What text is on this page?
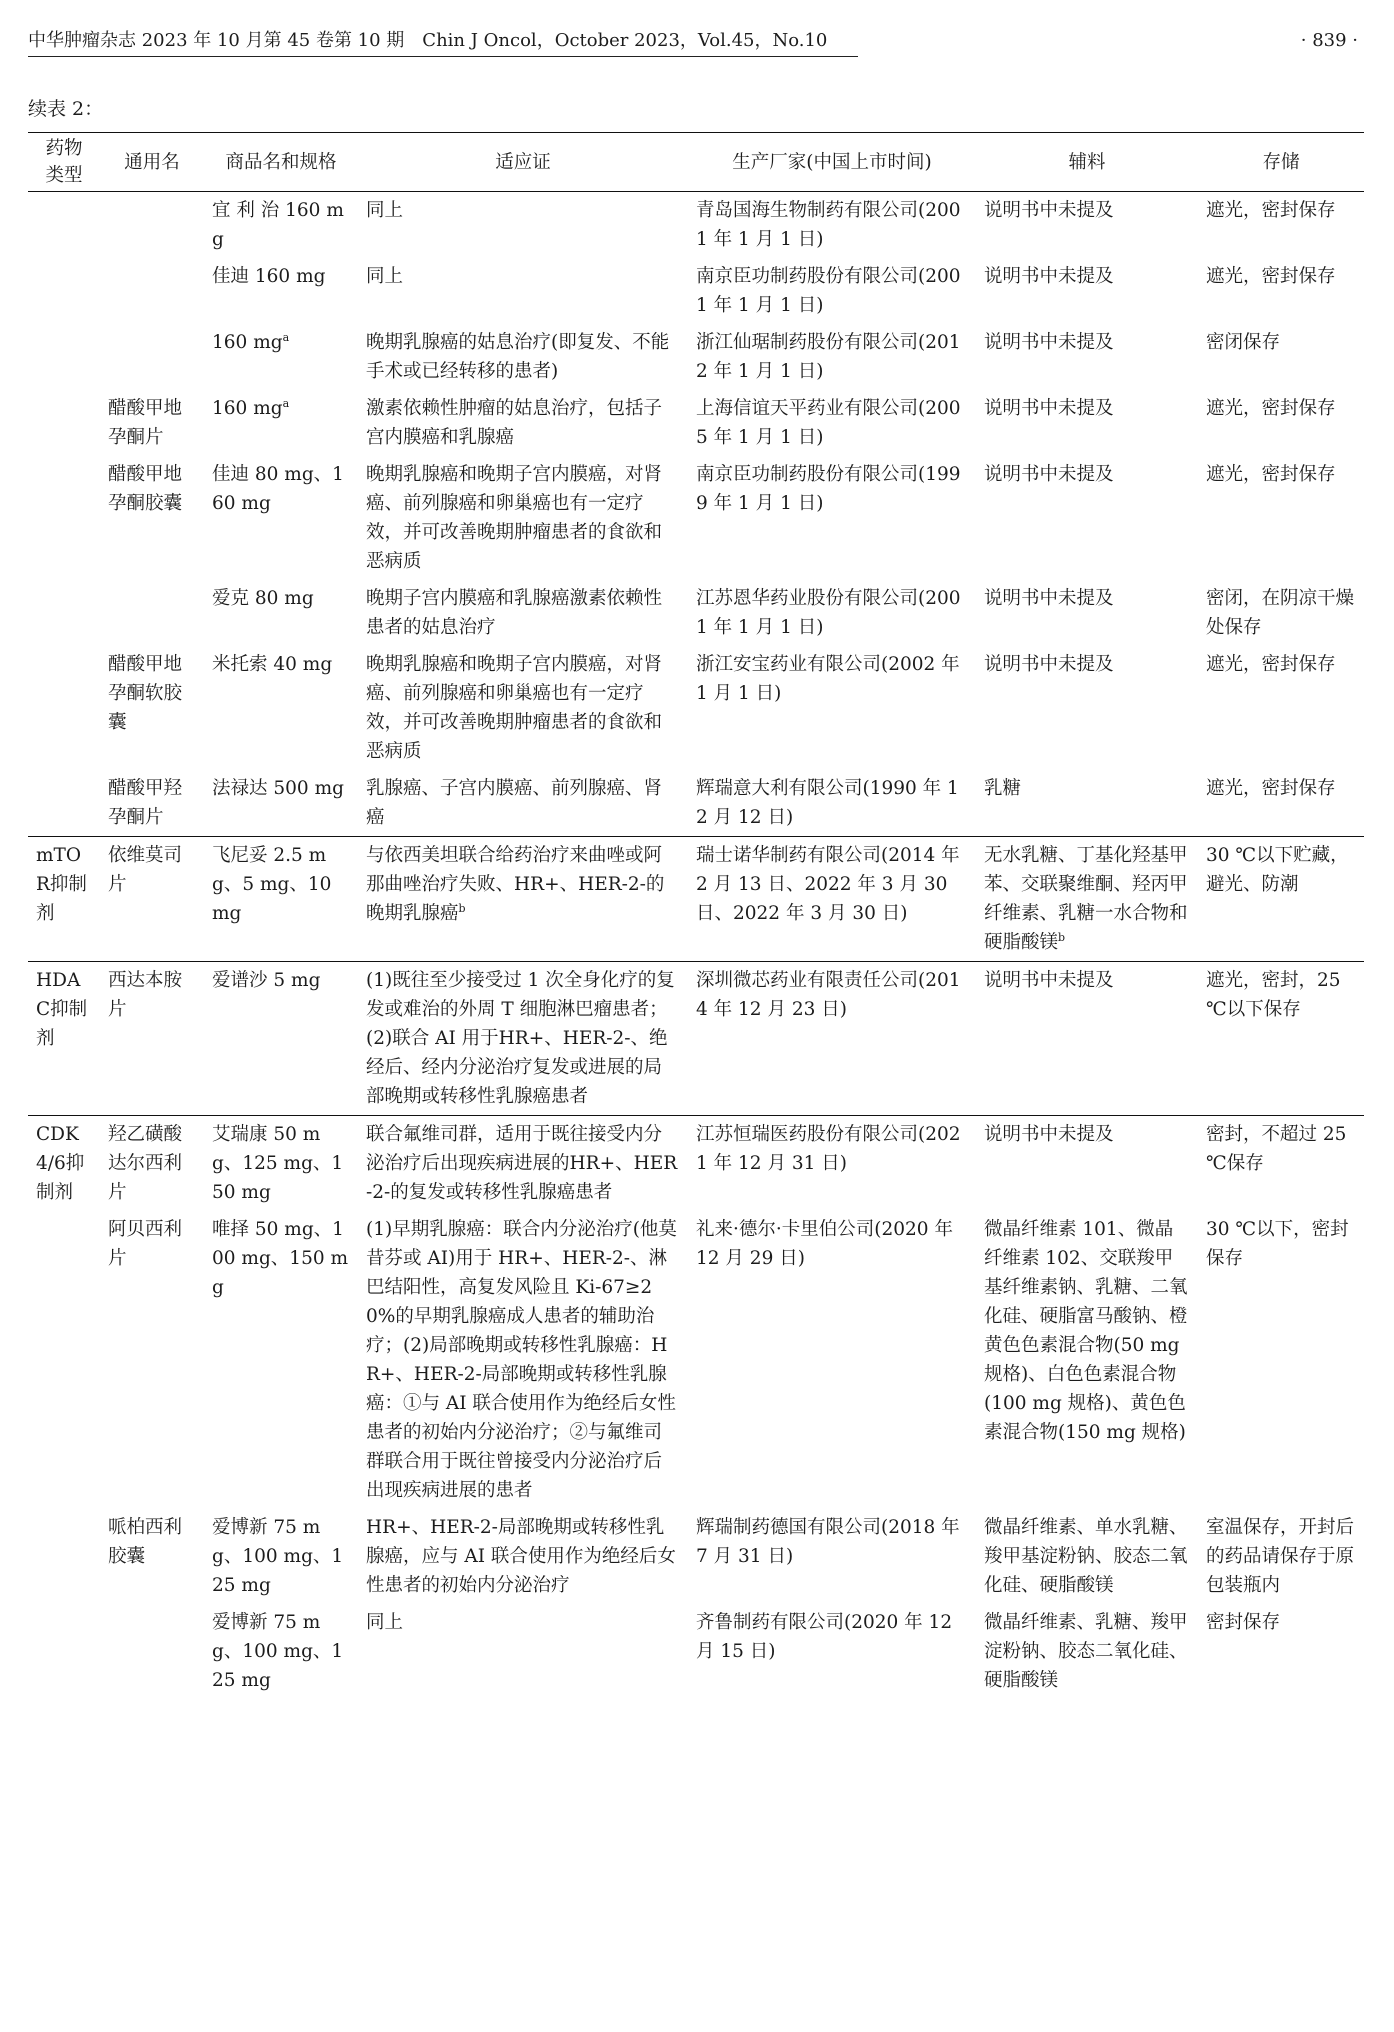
中华肿瘤杂志 2023 年 10 月第 45 卷第 10 期　Chin J Oncol，October 2023，Vol.45，No.10	· 839 ·
续表 2：
药物
类型	通用名	商品名和规格	适应证	生产厂家(中国上市时间)	辅料	存储
		宜 利 治 160 mg	同上	青岛国海生物制药有限公司(2001 年 1 月 1 日)	说明书中未提及	遮光，密封保存
		佳迪 160 mg	同上	南京臣功制药股份有限公司(2001 年 1 月 1 日)	说明书中未提及	遮光，密封保存
		160 $mg^a$	晚期乳腺癌的姑息治疗(即复发、不能手术或已经转移的患者)	浙江仙琚制药股份有限公司(2012 年 1 月 1 日)	说明书中未提及	密闭保存
	醋酸甲地孕酮片	160 $mg^a$	激素依赖性肿瘤的姑息治疗，包括子宫内膜癌和乳腺癌	上海信谊天平药业有限公司(2005 年 1 月 1 日)	说明书中未提及	遮光，密封保存
	醋酸甲地孕酮胶囊	佳迪 80 mg、160 mg	晚期乳腺癌和晚期子宫内膜癌，对肾癌、前列腺癌和卵巢癌也有一定疗效，并可改善晚期肿瘤患者的食欲和恶病质	南京臣功制药股份有限公司(1999 年 1 月 1 日)	说明书中未提及	遮光，密封保存
		爱克 80 mg	晚期子宫内膜癌和乳腺癌激素依赖性患者的姑息治疗	江苏恩华药业股份有限公司(2001 年 1 月 1 日)	说明书中未提及	密闭，在阴凉干燥处保存
	醋酸甲地孕酮软胶囊	米托索 40 mg	晚期乳腺癌和晚期子宫内膜癌，对肾癌、前列腺癌和卵巢癌也有一定疗效，并可改善晚期肿瘤患者的食欲和恶病质	浙江安宝药业有限公司(2002 年 1 月 1 日)	说明书中未提及	遮光，密封保存
	醋酸甲羟孕酮片	法禄达 500 mg	乳腺癌、子宫内膜癌、前列腺癌、肾癌	辉瑞意大利有限公司(1990 年 12 月 12 日)	乳糖	遮光，密封保存
mTOR抑制剂	依维莫司片	飞尼妥 2.5 mg、5 mg、10 mg	与依西美坦联合给药治疗来曲唑或阿那曲唑治疗失败、HR+、HER-2-的晚期乳腺癌$^b$	瑞士诺华制药有限公司(2014 年 2 月 13 日、2022 年 3 月 30 日、2022 年 3 月 30 日)	无水乳糖、丁基化羟基甲苯、交联聚维酮、羟丙甲纤维素、乳糖一水合物和硬脂酸镁$^b$	30 ℃以下贮藏，避光、防潮
HDAC抑制剂	西达本胺片	爱谱沙 5 mg	(1)既往至少接受过 1 次全身化疗的复发或难治的外周 T 细胞淋巴瘤患者；(2)联合 AI 用于HR+、HER-2-、绝经后、经内分泌治疗复发或进展的局部晚期或转移性乳腺癌患者	深圳微芯药业有限责任公司(2014 年 12 月 23 日)	说明书中未提及	遮光，密封，25 ℃以下保存
CDK4/6抑制剂	羟乙磺酸达尔西利片	艾瑞康 50 mg、125 mg、150 mg	联合氟维司群，适用于既往接受内分泌治疗后出现疾病进展的HR+、HER-2-的复发或转移性乳腺癌患者	江苏恒瑞医药股份有限公司(2021 年 12 月 31 日)	说明书中未提及	密封，不超过 25 ℃保存
	阿贝西利片	唯择 50 mg、100 mg、150 mg	(1)早期乳腺癌：联合内分泌治疗(他莫昔芬或 AI)用于 HR+、HER-2-、淋巴结阳性，高复发风险且 Ki-67≥20%的早期乳腺癌成人患者的辅助治疗；(2)局部晚期或转移性乳腺癌：HR+、HER-2-局部晚期或转移性乳腺癌：①与 AI 联合使用作为绝经后女性患者的初始内分泌治疗；②与氟维司群联合用于既往曾接受内分泌治疗后出现疾病进展的患者	礼来·德尔·卡里伯公司(2020 年 12 月 29 日)	微晶纤维素 101、微晶纤维素 102、交联羧甲基纤维素钠、乳糖、二氧化硅、硬脂富马酸钠、橙黄色色素混合物(50 mg 规格)、白色色素混合物(100 mg 规格)、黄色色素混合物(150 mg 规格)	30 ℃以下，密封保存
	哌柏西利胶囊	爱博新 75 mg、100 mg、125 mg	HR+、HER-2-局部晚期或转移性乳腺癌，应与 AI 联合使用作为绝经后女性患者的初始内分泌治疗	辉瑞制药德国有限公司(2018 年 7 月 31 日)	微晶纤维素、单水乳糖、羧甲基淀粉钠、胶态二氧化硅、硬脂酸镁	室温保存，开封后的药品请保存于原包装瓶内
		爱博新 75 mg、100 mg、125 mg	同上	齐鲁制药有限公司(2020 年 12 月 15 日)	微晶纤维素、乳糖、羧甲淀粉钠、胶态二氧化硅、硬脂酸镁	密封保存
